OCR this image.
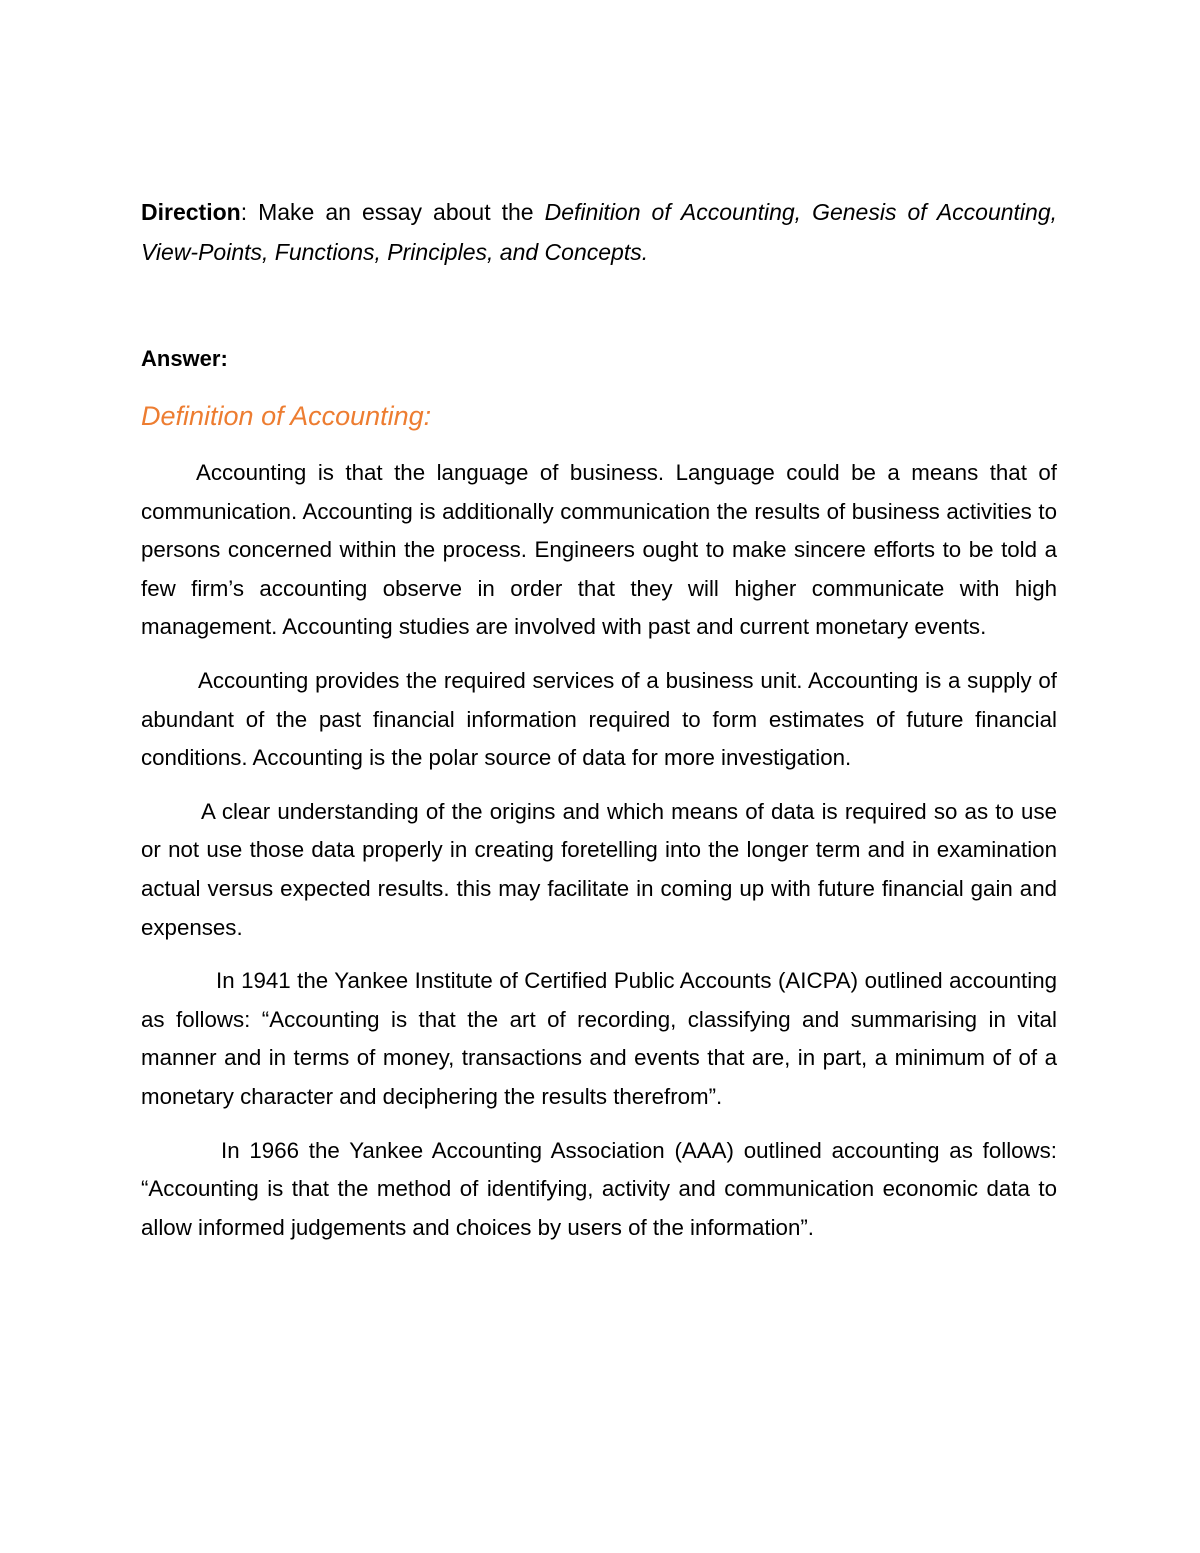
Direction: Make an essay about the Definition of Accounting, Genesis of Accounting, View-Points, Functions, Principles, and Concepts.

Answer:

Definition of Accounting:

Accounting is that the language of business. Language could be a means that of communication. Accounting is additionally communication the results of business activities to persons concerned within the process. Engineers ought to make sincere efforts to be told a few firm’s accounting observe in order that they will higher communicate with high management. Accounting studies are involved with past and current monetary events.

Accounting provides the required services of a business unit. Accounting is a supply of abundant of the past financial information required to form estimates of future financial conditions. Accounting is the polar source of data for more investigation.

A clear understanding of the origins and which means of data is required so as to use or not use those data properly in creating foretelling into the longer term and in examination actual versus expected results. this may facilitate in coming up with future financial gain and expenses.

In 1941 the Yankee Institute of Certified Public Accounts (AICPA) outlined accounting as follows: “Accounting is that the art of recording, classifying and summarising in vital manner and in terms of money, transactions and events that are, in part, a minimum of of a monetary character and deciphering the results therefrom”.

In 1966 the Yankee Accounting Association (AAA) outlined accounting as follows: “Accounting is that the method of identifying, activity and communication economic data to allow informed judgements and choices by users of the information”.
